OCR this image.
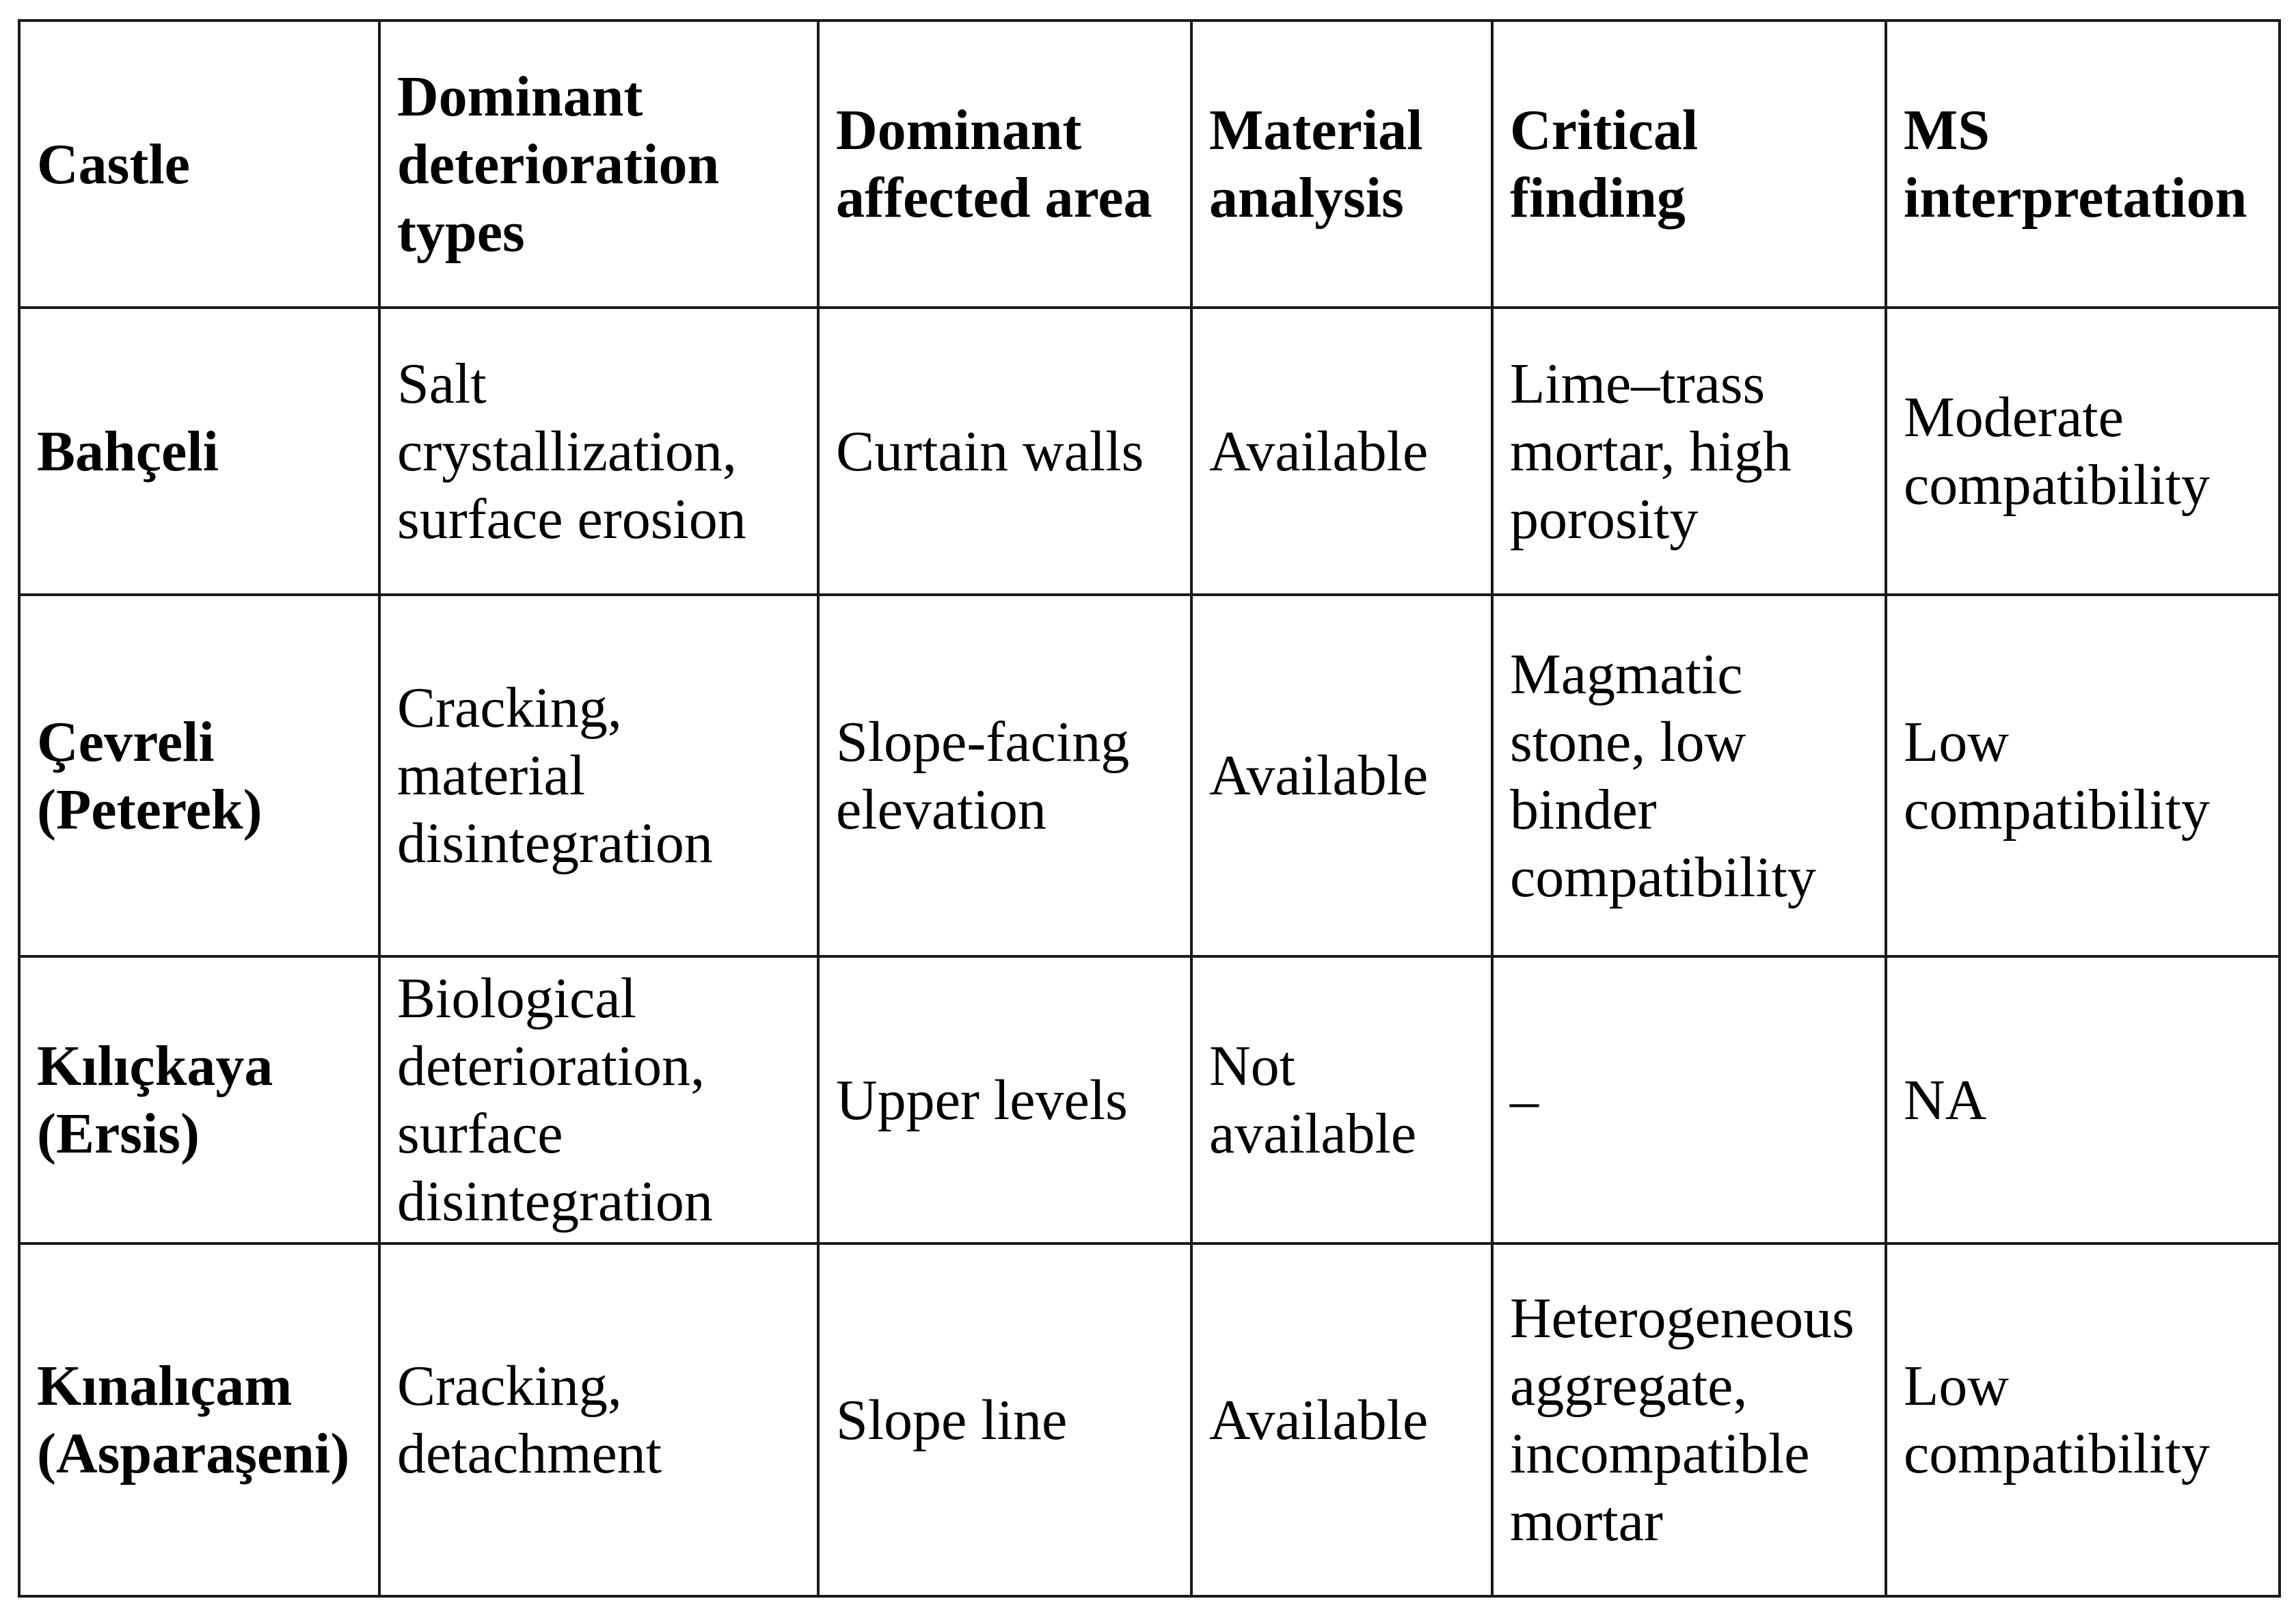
Castle	Dominant deterioration types	Dominant affected area	Material analysis	Critical finding	MS interpretation
Bahçeli	Salt crystallization, surface erosion	Curtain walls	Available	Lime–trass mortar, high porosity	Moderate compatibility
Çevreli (Peterek)	Cracking, material disintegration	Slope-facing elevation	Available	Magmatic stone, low binder compatibility	Low compatibility
Kılıçkaya (Ersis)	Biological deterioration, surface disintegration	Upper levels	Not available	–	NA
Kınalıçam (Asparaşeni)	Cracking, detachment	Slope line	Available	Heterogeneous aggregate, incompatible mortar	Low compatibility
